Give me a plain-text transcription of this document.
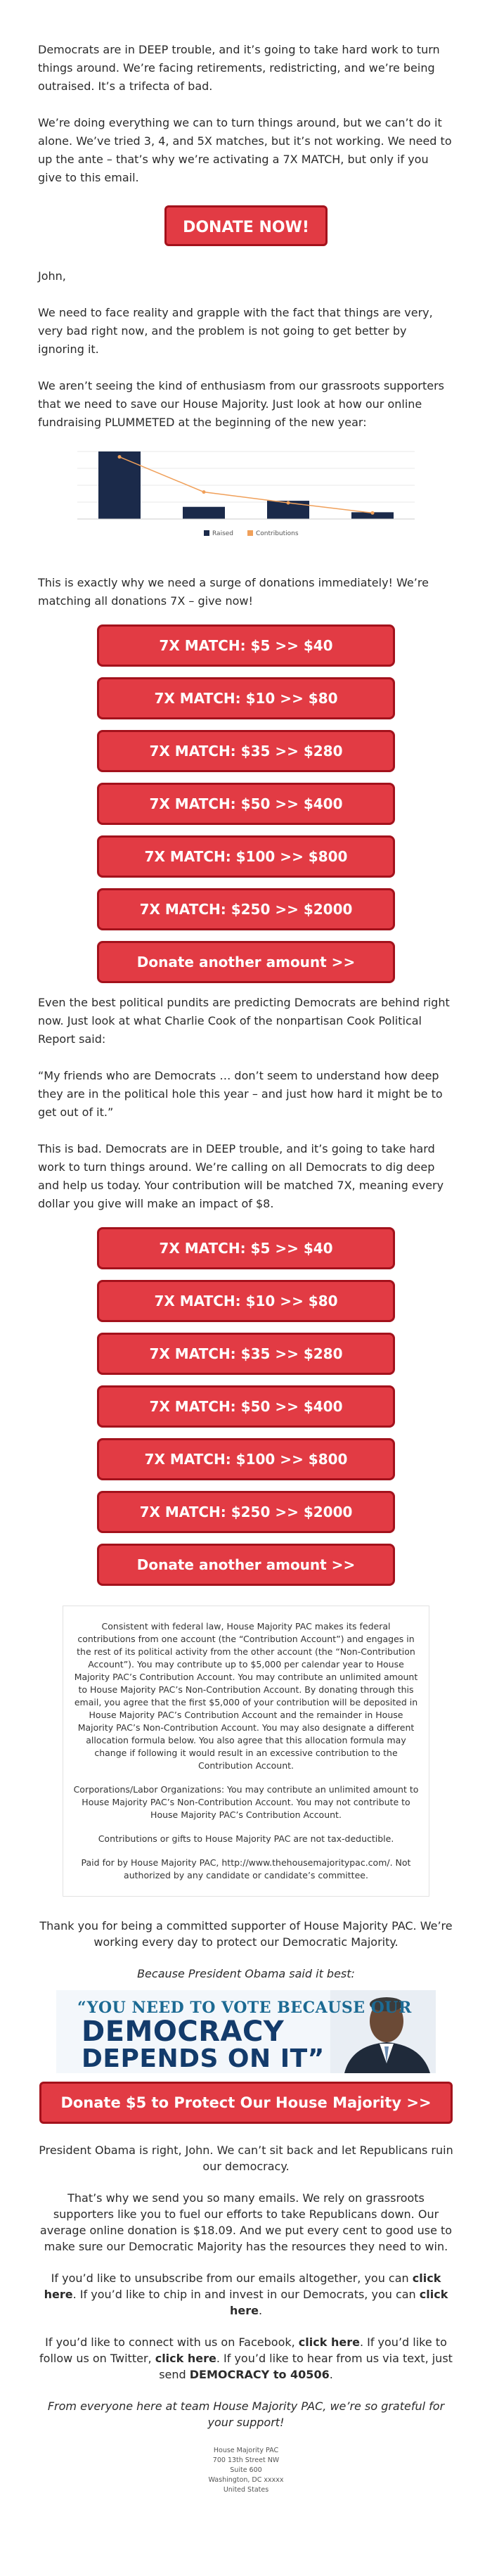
Democrats are in DEEP trouble, and it’s going to take hard work to turn things around. We’re facing retirements, redistricting, and we’re being outraised. It’s a trifecta of bad.

We’re doing everything we can to turn things around, but we can’t do it alone. We’ve tried 3, 4, and 5X matches, but it’s not working. We need to up the ante – that’s why we’re activating a 7X MATCH, but only if you give to this email.

DONATE NOW!

John,

We need to face reality and grapple with the fact that things are very, very bad right now, and the problem is not going to get better by ignoring it.

We aren’t seeing the kind of enthusiasm from our grassroots supporters that we need to save our House Majority. Just look at how our online fundraising PLUMMETED at the beginning of the new year:

Raised	Contributions

This is exactly why we need a surge of donations immediately! We’re matching all donations 7X – give now!

7X MATCH: $5 >> $40
7X MATCH: $10 >> $80
7X MATCH: $35 >> $280
7X MATCH: $50 >> $400
7X MATCH: $100 >> $800
7X MATCH: $250 >> $2000
Donate another amount >>

Even the best political pundits are predicting Democrats are behind right now. Just look at what Charlie Cook of the nonpartisan Cook Political Report said:

“My friends who are Democrats … don’t seem to understand how deep they are in the political hole this year – and just how hard it might be to get out of it.”

This is bad. Democrats are in DEEP trouble, and it’s going to take hard work to turn things around. We’re calling on all Democrats to dig deep and help us today. Your contribution will be matched 7X, meaning every dollar you give will make an impact of $8.

7X MATCH: $5 >> $40
7X MATCH: $10 >> $80
7X MATCH: $35 >> $280
7X MATCH: $50 >> $400
7X MATCH: $100 >> $800
7X MATCH: $250 >> $2000
Donate another amount >>

Consistent with federal law, House Majority PAC makes its federal contributions from one account (the “Contribution Account”) and engages in the rest of its political activity from the other account (the “Non-Contribution Account”). You may contribute up to $5,000 per calendar year to House Majority PAC’s Contribution Account. You may contribute an unlimited amount to House Majority PAC’s Non-Contribution Account. By donating through this email, you agree that the first $5,000 of your contribution will be deposited in House Majority PAC’s Contribution Account and the remainder in House Majority PAC’s Non-Contribution Account. You may also designate a different allocation formula below. You also agree that this allocation formula may change if following it would result in an excessive contribution to the Contribution Account.

Corporations/Labor Organizations: You may contribute an unlimited amount to House Majority PAC’s Non-Contribution Account. You may not contribute to House Majority PAC’s Contribution Account.

Contributions or gifts to House Majority PAC are not tax-deductible.

Paid for by House Majority PAC, http://www.thehousemajoritypac.com/. Not authorized by any candidate or candidate’s committee.

Thank you for being a committed supporter of House Majority PAC. We’re working every day to protect our Democratic Majority.

Because President Obama said it best:

“YOU NEED TO VOTE BECAUSE OUR
DEMOCRACY
DEPENDS ON IT”
Donate $5 to Protect Our House Majority >>

President Obama is right, John. We can’t sit back and let Republicans ruin our democracy.

That’s why we send you so many emails. We rely on grassroots supporters like you to fuel our efforts to take Republicans down. Our average online donation is $18.09. And we put every cent to good use to make sure our Democratic Majority has the resources they need to win.

If you’d like to unsubscribe from our emails altogether, you can click here. If you’d like to chip in and invest in our Democrats, you can click here.

If you’d like to connect with us on Facebook, click here. If you’d like to follow us on Twitter, click here. If you’d like to hear from us via text, just send DEMOCRACY to 40506.

From everyone here at team House Majority PAC, we’re so grateful for your support!

House Majority PAC
700 13th Street NW
Suite 600
Washington, DC xxxxx
United States
